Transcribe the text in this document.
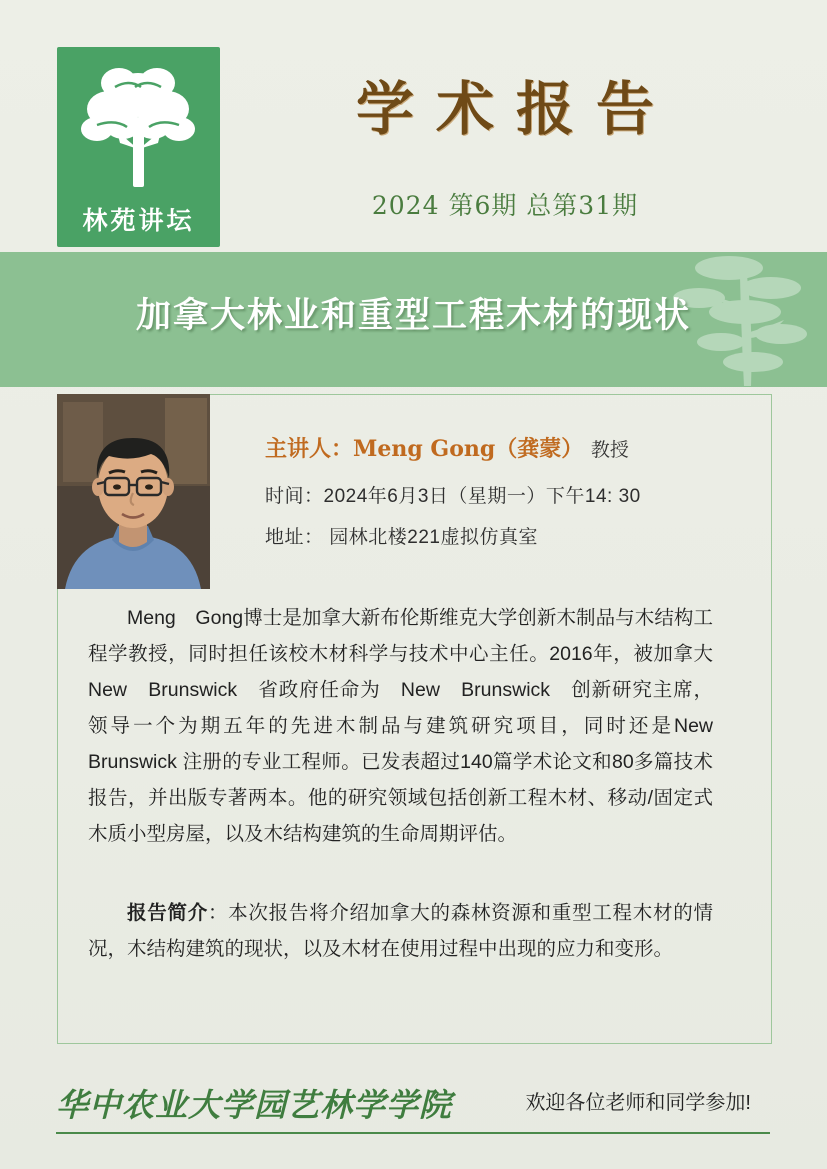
林苑讲坛
学术报告
2024 第6期 总第31期
加拿大林业和重型工程木材的现状
主讲人：Meng Gong（龚蒙） 教授
时间：2024年6月3日（星期一）下午14: 30
地址： 园林北楼221虚拟仿真室

Meng　Gong博士是加拿大新布伦斯维克大学创新木制品与木结构工程学教授，同时担任该校木材科学与技术中心主任。2016年，被加拿大New　Brunswick　省政府任命为　New　Brunswick　创新研究主席，领导一个为期五年的先进木制品与建筑研究项目，同时还是New Brunswick 注册的专业工程师。已发表超过140篇学术论文和80多篇技术报告，并出版专著两本。他的研究领域包括创新工程木材、移动/固定式木质小型房屋，以及木结构建筑的生命周期评估。

报告简介：本次报告将介绍加拿大的森林资源和重型工程木材的情况，木结构建筑的现状，以及木材在使用过程中出现的应力和变形。

华中农业大学园艺林学学院	欢迎各位老师和同学参加!
